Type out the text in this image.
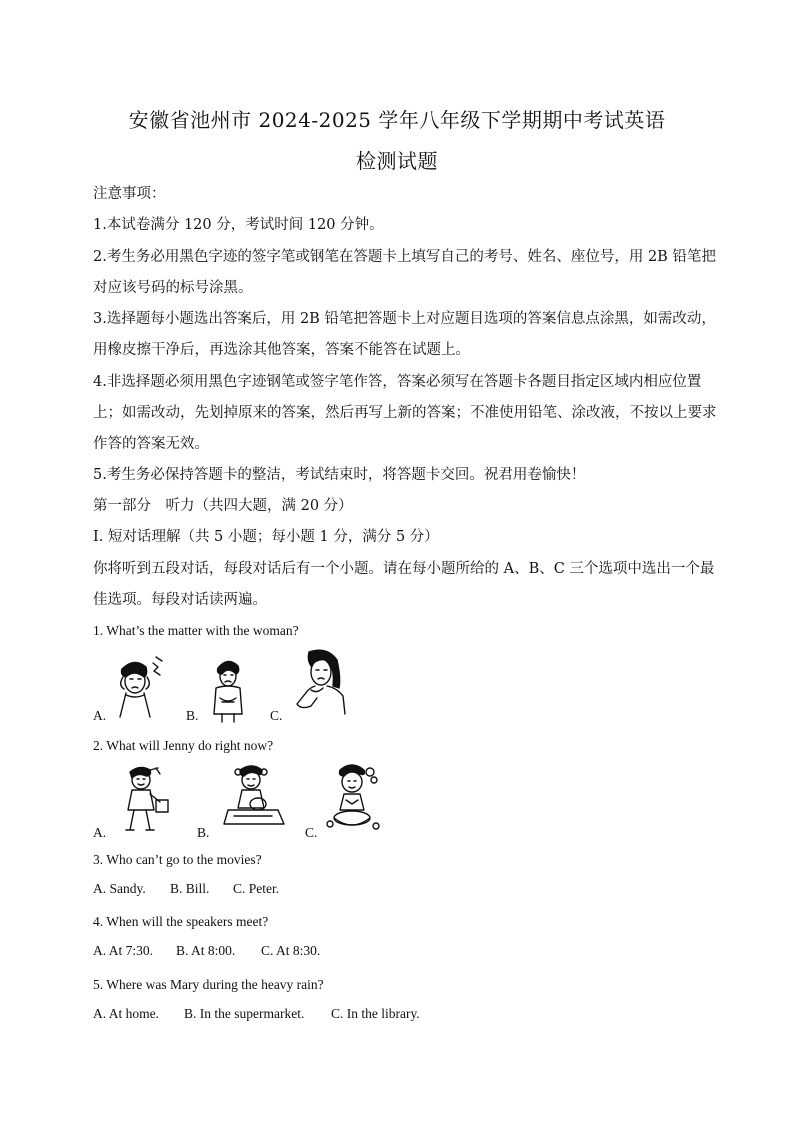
安徽省池州市 2024-2025 学年八年级下学期期中考试英语
检测试题
注意事项：
1.本试卷满分 120 分，考试时间 120 分钟。
2.考生务必用黑色字迹的签字笔或钢笔在答题卡上填写自己的考号、姓名、座位号，用 2B 铅笔把
对应该号码的标号涂黑。
3.选择题每小题选出答案后，用 2B 铅笔把答题卡上对应题目选项的答案信息点涂黑，如需改动，
用橡皮擦干净后，再选涂其他答案，答案不能答在试题上。
4.非选择题必须用黑色字迹钢笔或签字笔作答，答案必须写在答题卡各题目指定区域内相应位置
上；如需改动，先划掉原来的答案，然后再写上新的答案；不准使用铅笔、涂改液，不按以上要求
作答的答案无效。
5.考生务必保持答题卡的整洁，考试结束时，将答题卡交回。祝君用卷愉快！
第一部分　听力（共四大题，满 20 分）
Ⅰ. 短对话理解（共 5 小题；每小题 1 分，满分 5 分）
你将听到五段对话，每段对话后有一个小题。请在每小题所给的 A、B、C 三个选项中选出一个最
佳选项。每段对话读两遍。
1. What’s the matter with the woman?
A.	B.	C.
2. What will Jenny do right now?
A.	B.	C.
3. Who can’t go to the movies?
A. Sandy. B. Bill. C. Peter.
4. When will the speakers meet?
A. At 7:30. B. At 8:00. C. At 8:30.
5. Where was Mary during the heavy rain?
A. At home. B. In the supermarket. C. In the library.
